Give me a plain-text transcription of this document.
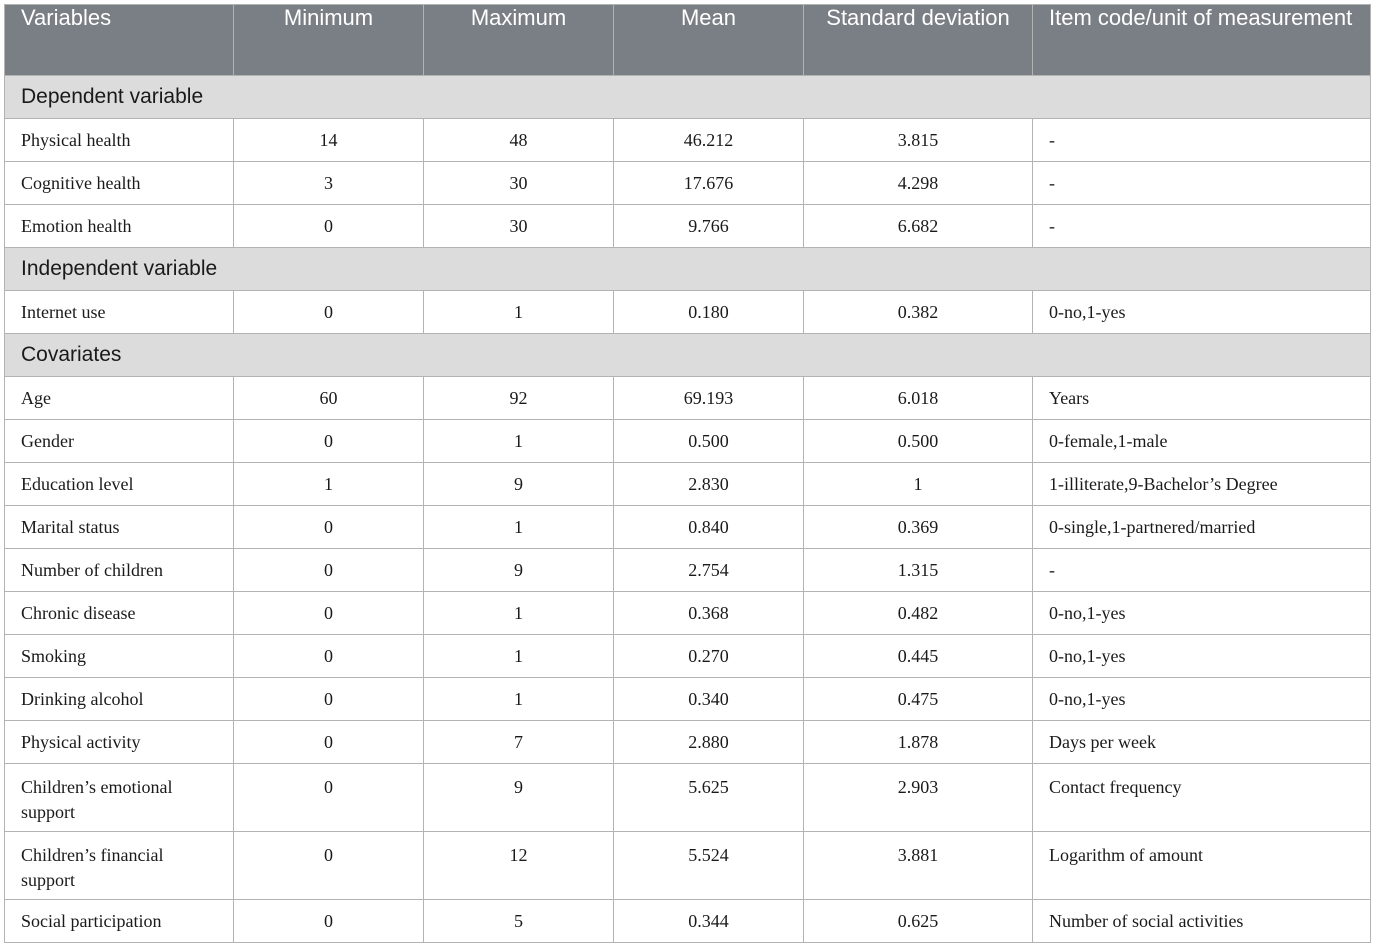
Variables	Minimum	Maximum	Mean	Standard deviation	Item code/unit of measurement
Dependent variable					
Physical health	14	48	46.212	3.815	-
Cognitive health	3	30	17.676	4.298	-
Emotion health	0	30	9.766	6.682	-
Independent variable					
Internet use	0	1	0.180	0.382	0-no,1-yes
Covariates					
Age	60	92	69.193	6.018	Years
Gender	0	1	0.500	0.500	0-female,1-male
Education level	1	9	2.830	1	1-illiterate,9-Bachelor’s Degree
Marital status	0	1	0.840	0.369	0-single,1-partnered/married
Number of children	0	9	2.754	1.315	-
Chronic disease	0	1	0.368	0.482	0-no,1-yes
Smoking	0	1	0.270	0.445	0-no,1-yes
Drinking alcohol	0	1	0.340	0.475	0-no,1-yes
Physical activity	0	7	2.880	1.878	Days per week
Children’s emotional support	0	9	5.625	2.903	Contact frequency
Children’s financial support	0	12	5.524	3.881	Logarithm of amount
Social participation	0	5	0.344	0.625	Number of social activities
